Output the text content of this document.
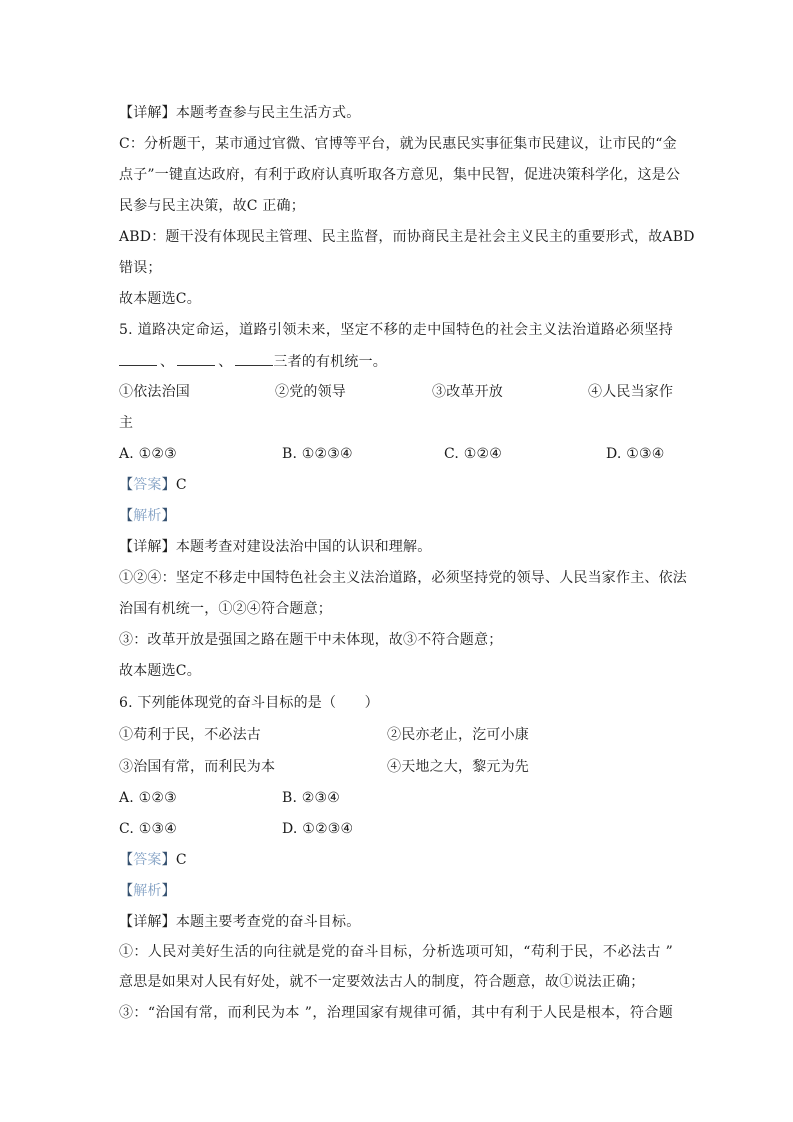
【详解】本题考查参与民主生活方式。
C：分析题干，某市通过官微、官博等平台，就为民惠民实事征集市民建议，让市民的“金
点子”一键直达政府，有利于政府认真听取各方意见，集中民智，促进决策科学化，这是公
民参与民主决策，故C 正确；
ABD：题干没有体现民主管理、民主监督，而协商民主是社会主义民主的重要形式，故ABD
错误；
故本题选C。
5. 道路决定命运，道路引领未来，坚定不移的走中国特色的社会主义法治道路必须坚持
、	、	三者的有机统一。
①依法治国	②党的领导	③改革开放	④人民当家作
主
A. ①②③	B. ①②③④	C. ①②④	D. ①③④
【答案】C
【解析】
【详解】本题考查对建设法治中国的认识和理解。
①②④：坚定不移走中国特色社会主义法治道路，必须坚持党的领导、人民当家作主、依法
治国有机统一，①②④符合题意；
③：改革开放是强国之路在题干中未体现，故③不符合题意；
故本题选C。
6. 下列能体现党的奋斗目标的是（　　）
①苟利于民，不必法古	②民亦老止，汔可小康
③治国有常，而利民为本	④天地之大，黎元为先
A. ①②③	B. ②③④
C. ①③④	D. ①②③④
【答案】C
【解析】
【详解】本题主要考查党的奋斗目标。
①：人民对美好生活的向往就是党的奋斗目标，分析选项可知，“苟利于民，不必法古 ”
意思是如果对人民有好处，就不一定要效法古人的制度，符合题意，故①说法正确；
③：“治国有常，而利民为本 ”，治理国家有规律可循，其中有利于人民是根本，符合题
